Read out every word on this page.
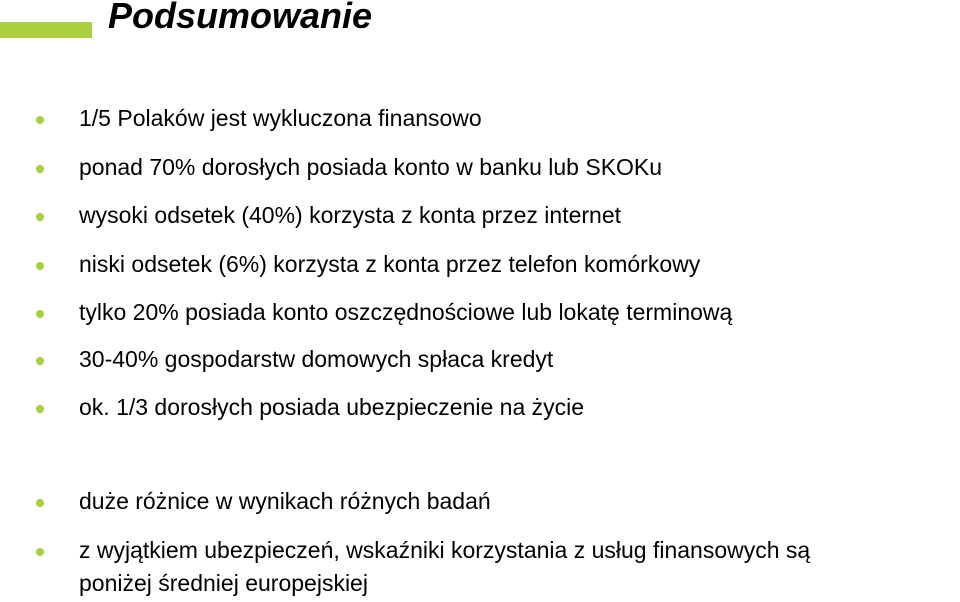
Podsumowanie
1/5 Polaków jest wykluczona finansowo
ponad 70% dorosłych posiada konto w banku lub SKOKu
wysoki odsetek (40%) korzysta z konta przez internet
niski odsetek (6%) korzysta z konta przez telefon komórkowy
tylko 20% posiada konto oszczędnościowe lub lokatę terminową
30-40% gospodarstw domowych spłaca kredyt
ok. 1/3 dorosłych posiada ubezpieczenie na życie
duże różnice w wynikach różnych badań
z wyjątkiem ubezpieczeń, wskaźniki korzystania z usług finansowych są
poniżej średniej europejskiej
